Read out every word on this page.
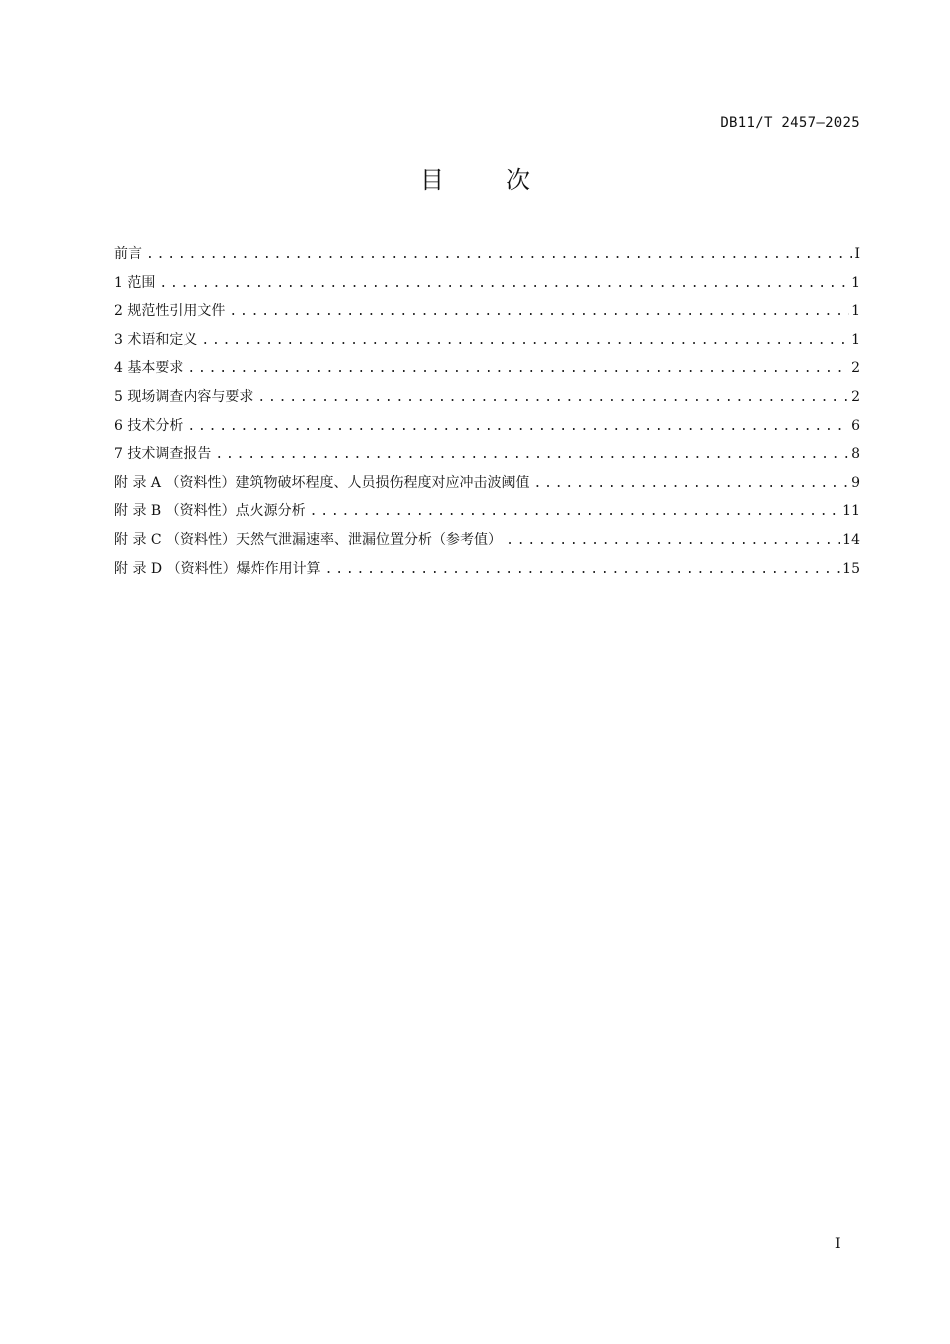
DB11/T 2457—2025
目次
前言 .....	I
1 范围 .....	1
2 规范性引用文件 .....	1
3 术语和定义 .....	1
4 基本要求 .....	2
5 现场调查内容与要求 .....	2
6 技术分析 .....	6
7 技术调查报告 .....	8
附 录 A （资料性）建筑物破坏程度、人员损伤程度对应冲击波阈值 .....	9
附 录 B （资料性）点火源分析 .....	11
附 录 C （资料性）天然气泄漏速率、泄漏位置分析（参考值） .....	14
附 录 D （资料性）爆炸作用计算 .....	15
I
